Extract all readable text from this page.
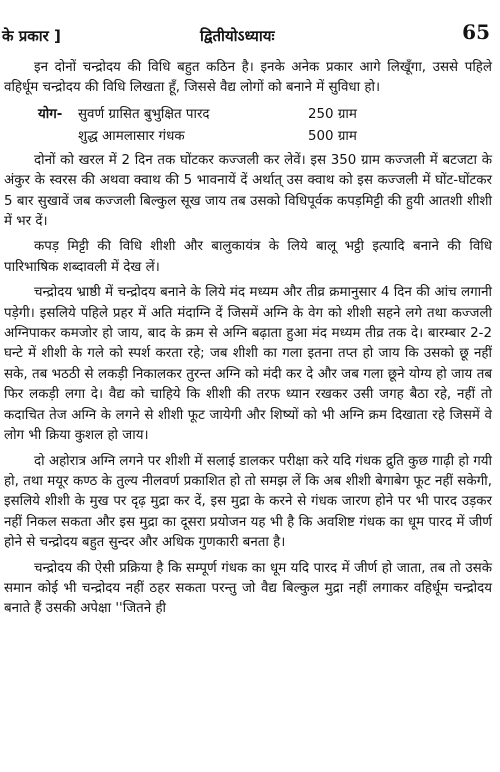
के प्रकार ]	द्वितीयोऽध्यायः	65

इन दोनों चन्द्रोदय की विधि बहुत कठिन है। इनके अनेक प्रकार आगे लिखूँगा, उससे पहिले वहिर्धूम चन्द्रोदय की विधि लिखता हूँ, जिससे वैद्य लोगों को बनाने में सुविधा हो।

योग-	सुवर्ण ग्रासित बुभुक्षित पारद	250 ग्राम
शुद्ध आमलासार गंधक	500 ग्राम

दोनों को खरल में 2 दिन तक घोंटकर कज्जली कर लेवें। इस 350 ग्राम कज्जली में बटजटा के अंकुर के स्वरस की अथवा क्वाथ की 5 भावनायें दें अर्थात् उस क्वाथ को इस कज्जली में घोंट-घोंटकर 5 बार सुखावें जब कज्जली बिल्कुल सूख जाय तब उसको विधिपूर्वक कपड़मिट्टी की हुयी आतशी शीशी में भर दें।

कपड़ मिट्टी की विधि शीशी और बालुकायंत्र के लिये बालू भट्ठी इत्यादि बनाने की विधि पारिभाषिक शब्दावली में देख लें।

चन्द्रोदय भ्राष्ठी में चन्द्रोदय बनाने के लिये मंद मध्यम और तीव्र क्रमानुसार 4 दिन की आंच लगानी पड़ेगी। इसलिये पहिले प्रहर में अति मंदाग्नि दें जिसमें अग्नि के वेग को शीशी सहने लगे तथा कज्जली अग्निपाकर कमजोर हो जाय, बाद के क्रम से अग्नि बढ़ाता हुआ मंद मध्यम तीव्र तक दे। बारम्बार 2-2 घन्टे में शीशी के गले को स्पर्श करता रहे; जब शीशी का गला इतना तप्त हो जाय कि उसको छू नहीं सके, तब भठठी से लकड़ी निकालकर तुरन्त अग्नि को मंदी कर दे और जब गला छूने योग्य हो जाय तब फिर लकड़ी लगा दे। वैद्य को चाहिये कि शीशी की तरफ ध्यान रखकर उसी जगह बैठा रहे, नहीं तो कदाचित तेज अग्नि के लगने से शीशी फूट जायेगी और शिष्यों को भी अग्नि क्रम दिखाता रहे जिसमें वे लोग भी क्रिया कुशल हो जाय।

दो अहोरात्र अग्नि लगने पर शीशी में सलाई डालकर परीक्षा करे यदि गंधक द्रुति कुछ गाढ़ी हो गयी हो, तथा मयूर कण्ठ के तुल्य नीलवर्ण प्रकाशित हो तो समझ लें कि अब शीशी बेगाबेग फूट नहीं सकेगी, इसलिये शीशी के मुख पर दृढ़ मुद्रा कर दें, इस मुद्रा के करने से गंधक जारण होने पर भी पारद उड़कर नहीं निकल सकता और इस मुद्रा का दूसरा प्रयोजन यह भी है कि अवशिष्ट गंधक का धूम पारद में जीर्ण होने से चन्द्रोदय बहुत सुन्दर और अधिक गुणकारी बनता है।

चन्द्रोदय की ऐसी प्रक्रिया है कि सम्पूर्ण गंधक का धूम यदि पारद में जीर्ण हो जाता, तब तो उसके समान कोई भी चन्द्रोदय नहीं ठहर सकता परन्तु जो वैद्य बिल्कुल मुद्रा नहीं लगाकर वहिर्धूम चन्द्रोदय बनाते हैं उसकी अपेक्षा ''जितने ही
